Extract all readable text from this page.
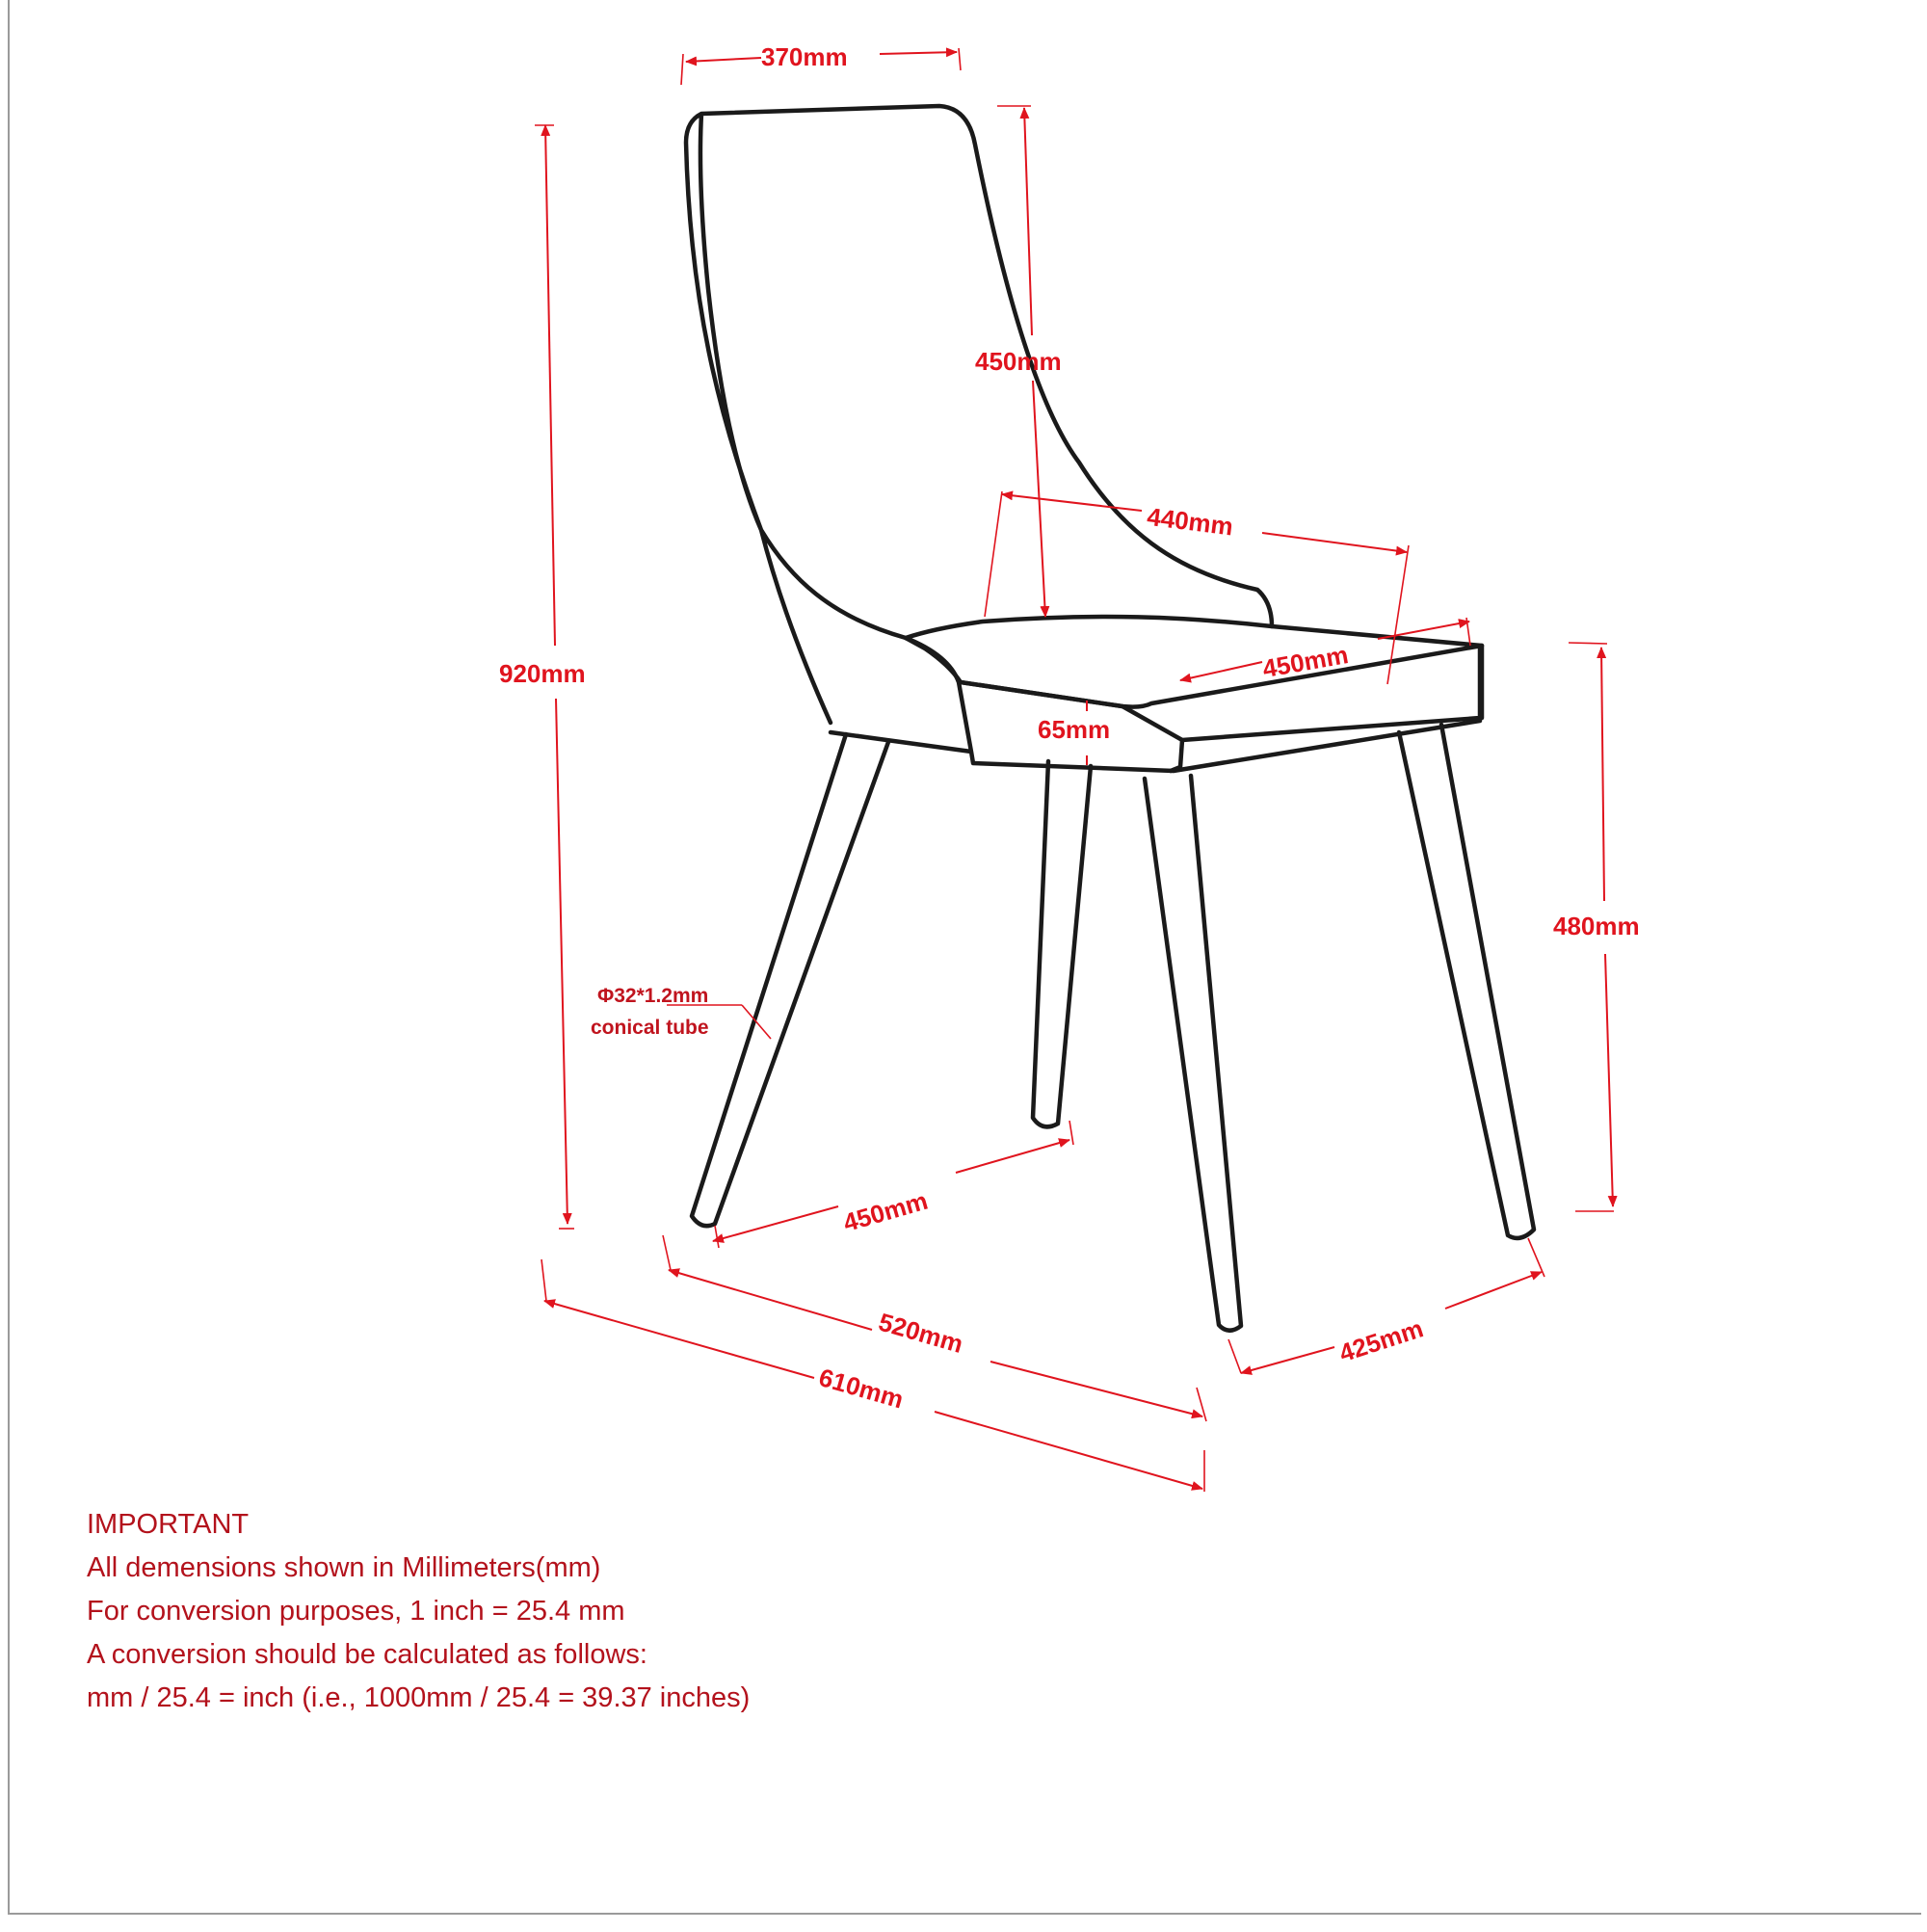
370mm
450mm
920mm
440mm
450mm
65mm
480mm
Φ32*1.2mm
conical tube
450mm
520mm
610mm
425mm
IMPORTANT
All demensions shown in Millimeters(mm)
For conversion purposes, 1 inch = 25.4 mm
A conversion should be calculated as follows:
mm / 25.4 = inch (i.e., 1000mm / 25.4 = 39.37 inches)
